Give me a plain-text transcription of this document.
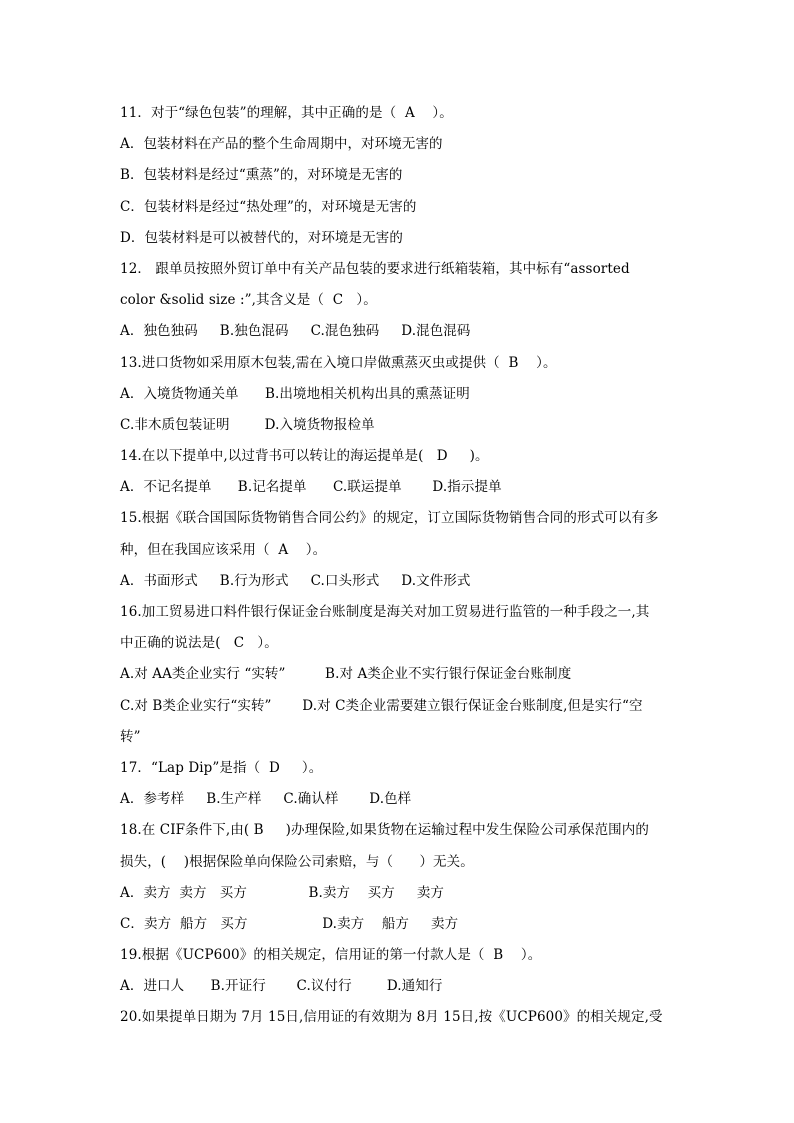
11．对于“绿色包装”的理解，其中正确的是（  A    ）。
A．包装材料在产品的整个生命周期中，对环境无害的
B．包装材料是经过“熏蒸”的，对环境是无害的
C．包装材料是经过“热处理”的，对环境是无害的
D．包装材料是可以被替代的，对环境是无害的
12． 跟单员按照外贸订单中有关产品包装的要求进行纸箱装箱，其中标有“assorted
color &solid size :”,其含义是（  C   ）。
A．独色独码     B.独色混码     C.混色独码     D.混色混码
13.进口货物如采用原木包装,需在入境口岸做熏蒸灭虫或提供（  B    ）。
A．入境货物通关单      B.出境地相关机构出具的熏蒸证明
C.非木质包装证明        D.入境货物报检单
14.在以下提单中,以过背书可以转让的海运提单是(   D     )。
A．不记名提单      B.记名提单      C.联运提单       D.指示提单
15.根据《联合国国际货物销售合同公约》的规定，订立国际货物销售合同的形式可以有多
种，但在我国应该采用（  A    ）。
A．书面形式     B.行为形式     C.口头形式     D.文件形式
16.加工贸易进口料件银行保证金台账制度是海关对加工贸易进行监管的一种手段之一,其
中正确的说法是(   C   ）。
A.对 AA类企业实行 “实转”         B.对 A类企业不实行银行保证金台账制度
C.对 B类企业实行“实转”       D.对 C类企业需要建立银行保证金台账制度,但是实行“空
转”
17．“Lap Dip”是指（  D     ）。
A．参考样     B.生产样     C.确认样       D.色样
18.在 CIF条件下,由( B     )办理保险,如果货物在运输过程中发生保险公司承保范围内的
损失，(    )根据保险单向保险公司索赔，与（      ）无关。
A．卖方  卖方   买方              B.卖方    买方     卖方
C．卖方  船方   买方                 D.卖方    船方     卖方
19.根据《UCP600》的相关规定，信用证的第一付款人是（  B    ）。
A．进口人      B.开证行       C.议付行        D.通知行
20.如果提单日期为 7月 15日,信用证的有效期为 8月 15日,按《UCP600》的相关规定,受
